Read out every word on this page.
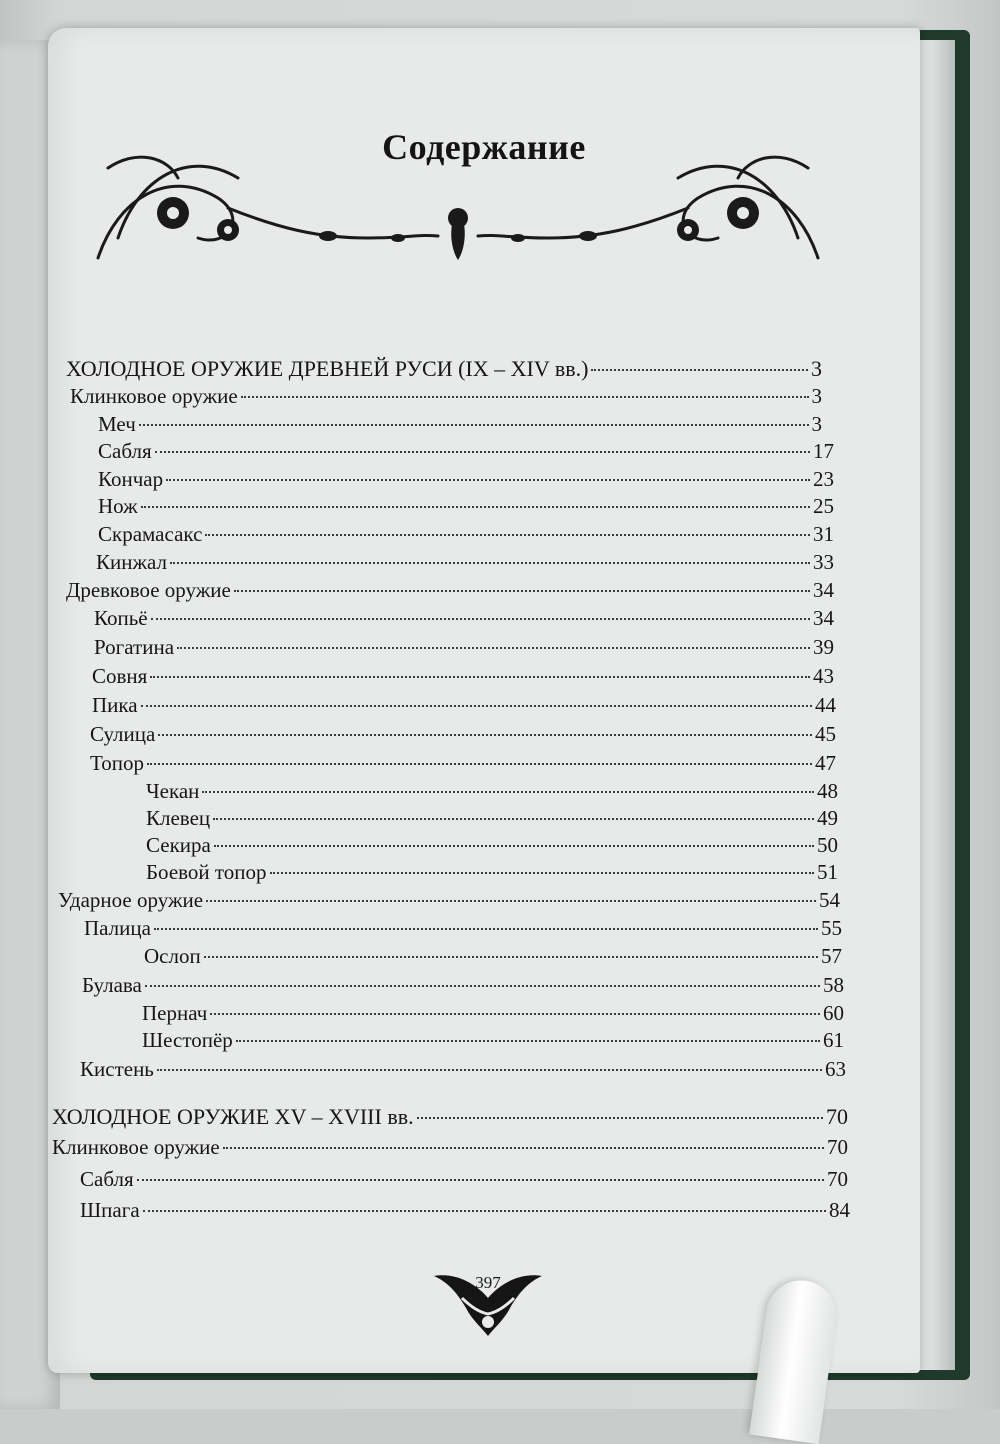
Содержание
ХОЛОДНОЕ ОРУЖИЕ ДРЕВНЕЙ РУСИ (IX – XIV вв.)	3
Клинковое оружие	3
Меч	3
Сабля	17
Кончар	23
Нож	25
Скрамасакс	31
Кинжал	33
Древковое оружие	34
Копьё	34
Рогатина	39
Совня	43
Пика	44
Сулица	45
Топор	47
Чекан	48
Клевец	49
Секира	50
Боевой топор	51
Ударное оружие	54
Палица	55
Ослоп	57
Булава	58
Пернач	60
Шестопёр	61
Кистень	63
ХОЛОДНОЕ ОРУЖИЕ XV – XVIII вв.	70
Клинковое оружие	70
Сабля	70
Шпага	84
397
